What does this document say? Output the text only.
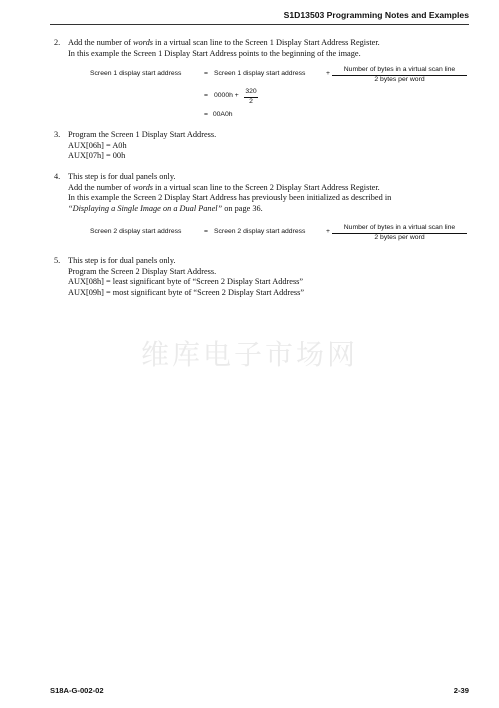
S1D13503 Programming Notes and Examples
2. Add the number of words in a virtual scan line to the Screen 1 Display Start Address Register.

In this example the Screen 1 Display Start Address points to the beginning of the image.

Screen 1 display start address	= Screen 1 display start address	+
Number of bytes in a virtual scan line
2 bytes per word
= 0000h +
320
2
= 00A0h
3. Program the Screen 1 Display Start Address.

AUX[06h] = A0h

AUX[07h] = 00h

4. This step is for dual panels only.

Add the number of words in a virtual scan line to the Screen 2 Display Start Address Register.

In this example the Screen 2 Display Start Address has previously been initialized as described in

“Displaying a Single Image on a Dual Panel” on page 36.

Screen 2 display start address	= Screen 2 display start address	+
Number of bytes in a virtual scan line
2 bytes per word
5. This step is for dual panels only.

Program the Screen 2 Display Start Address.

AUX[08h] = least significant byte of “Screen 2 Display Start Address”

AUX[09h] = most significant byte of “Screen 2 Display Start Address”

维库电子市场网
S18A-G-002-02	2-39
